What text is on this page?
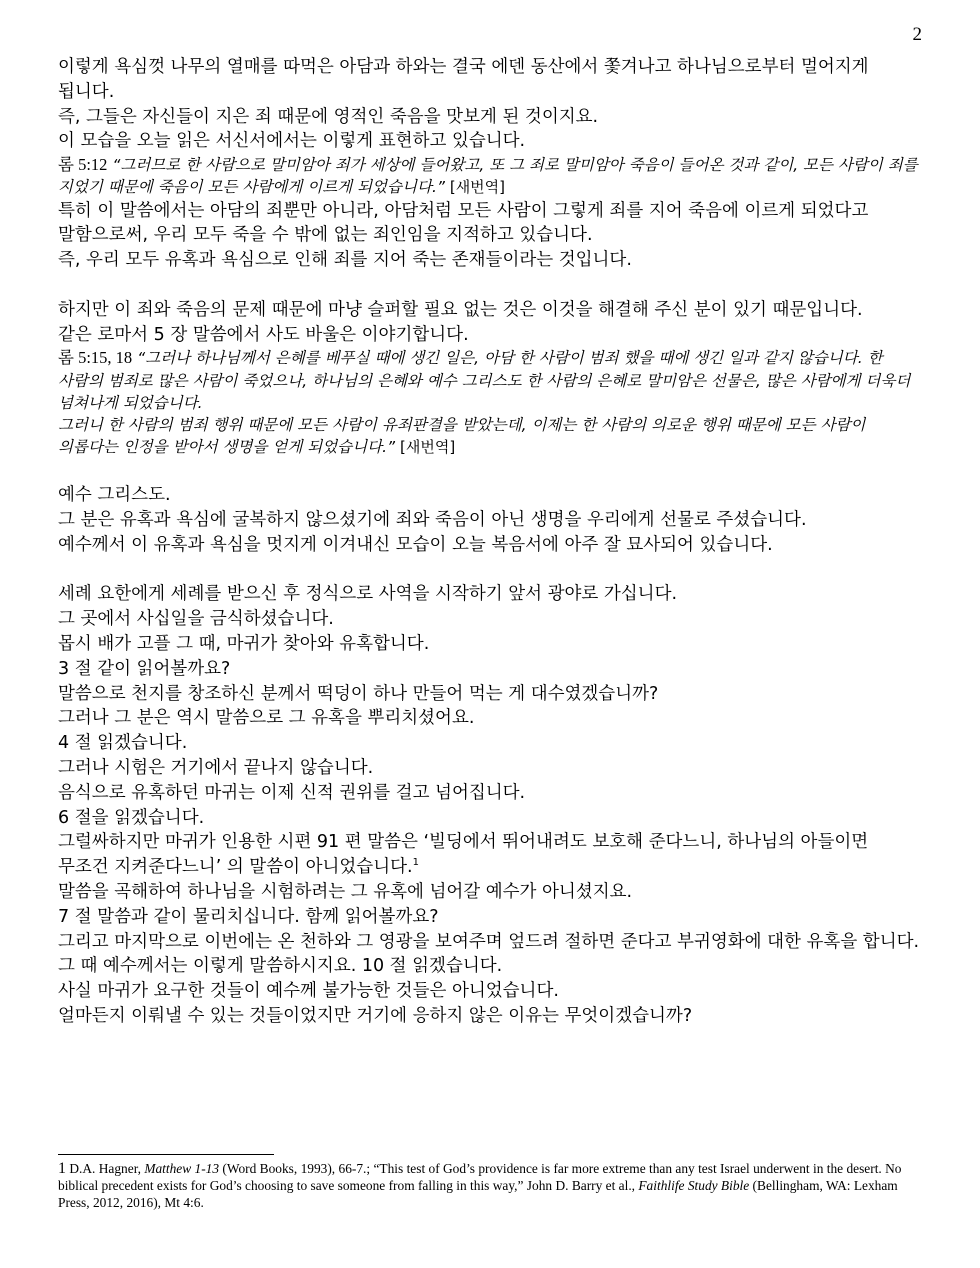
2

이렇게 욕심껏 나무의 열매를 따먹은 아담과 하와는 결국 에덴 동산에서 쫓겨나고 하나님으로부터 멀어지게 됩니다.

즉, 그들은 자신들이 지은 죄 때문에 영적인 죽음을 맛보게 된 것이지요.

이 모습을 오늘 읽은 서신서에서는 이렇게 표현하고 있습니다.

롬 5:12 “그러므로 한 사람으로 말미암아 죄가 세상에 들어왔고, 또 그 죄로 말미암아 죽음이 들어온 것과 같이, 모든 사람이 죄를 지었기 때문에 죽음이 모든 사람에게 이르게 되었습니다.” [새번역]

특히 이 말씀에서는 아담의 죄뿐만 아니라, 아담처럼 모든 사람이 그렇게 죄를 지어 죽음에 이르게 되었다고 말함으로써, 우리 모두 죽을 수 밖에 없는 죄인임을 지적하고 있습니다.

즉, 우리 모두 유혹과 욕심으로 인해 죄를 지어 죽는 존재들이라는 것입니다.

하지만 이 죄와 죽음의 문제 때문에 마냥 슬퍼할 필요 없는 것은 이것을 해결해 주신 분이 있기 때문입니다.

같은 로마서 5 장 말씀에서 사도 바울은 이야기합니다.

롬 5:15, 18 “그러나 하나님께서 은혜를 베푸실 때에 생긴 일은, 아담 한 사람이 범죄 했을 때에 생긴 일과 같지 않습니다. 한 사람의 범죄로 많은 사람이 죽었으나, 하나님의 은혜와 예수 그리스도 한 사람의 은혜로 말미암은 선물은, 많은 사람에게 더욱더 넘쳐나게 되었습니다.

그러니 한 사람의 범죄 행위 때문에 모든 사람이 유죄판결을 받았는데, 이제는 한 사람의 의로운 행위 때문에 모든 사람이 의롭다는 인정을 받아서 생명을 얻게 되었습니다.” [새번역]

예수 그리스도.

그 분은 유혹과 욕심에 굴복하지 않으셨기에 죄와 죽음이 아닌 생명을 우리에게 선물로 주셨습니다.

예수께서 이 유혹과 욕심을 멋지게 이겨내신 모습이 오늘 복음서에 아주 잘 묘사되어 있습니다.

세례 요한에게 세례를 받으신 후 정식으로 사역을 시작하기 앞서 광야로 가십니다.

그 곳에서 사십일을 금식하셨습니다.

몹시 배가 고플 그 때, 마귀가 찾아와 유혹합니다.

3 절 같이 읽어볼까요?

말씀으로 천지를 창조하신 분께서 떡덩이 하나 만들어 먹는 게 대수였겠습니까?

그러나 그 분은 역시 말씀으로 그 유혹을 뿌리치셨어요.

4 절 읽겠습니다.

그러나 시험은 거기에서 끝나지 않습니다.

음식으로 유혹하던 마귀는 이제 신적 권위를 걸고 넘어집니다.

6 절을 읽겠습니다.

그럴싸하지만 마귀가 인용한 시편 91 편 말씀은 ‘빌딩에서 뛰어내려도 보호해 준다느니, 하나님의 아들이면 무조건 지켜준다느니’ 의 말씀이 아니었습니다.$^1$

말씀을 곡해하여 하나님을 시험하려는 그 유혹에 넘어갈 예수가 아니셨지요.

7 절 말씀과 같이 물리치십니다. 함께 읽어볼까요?

그리고 마지막으로 이번에는 온 천하와 그 영광을 보여주며 엎드려 절하면 준다고 부귀영화에 대한 유혹을 합니다.

그 때 예수께서는 이렇게 말씀하시지요. 10 절 읽겠습니다.

사실 마귀가 요구한 것들이 예수께 불가능한 것들은 아니었습니다.

얼마든지 이뤄낼 수 있는 것들이었지만 거기에 응하지 않은 이유는 무엇이겠습니까?

1 D.A. Hagner, Matthew 1-13 (Word Books, 1993), 66-7.; “This test of God’s providence is far more extreme than any test Israel underwent in the desert. No biblical precedent exists for God’s choosing to save someone from falling in this way,” John D. Barry et al., Faithlife Study Bible (Bellingham, WA: Lexham Press, 2012, 2016), Mt 4:6.
